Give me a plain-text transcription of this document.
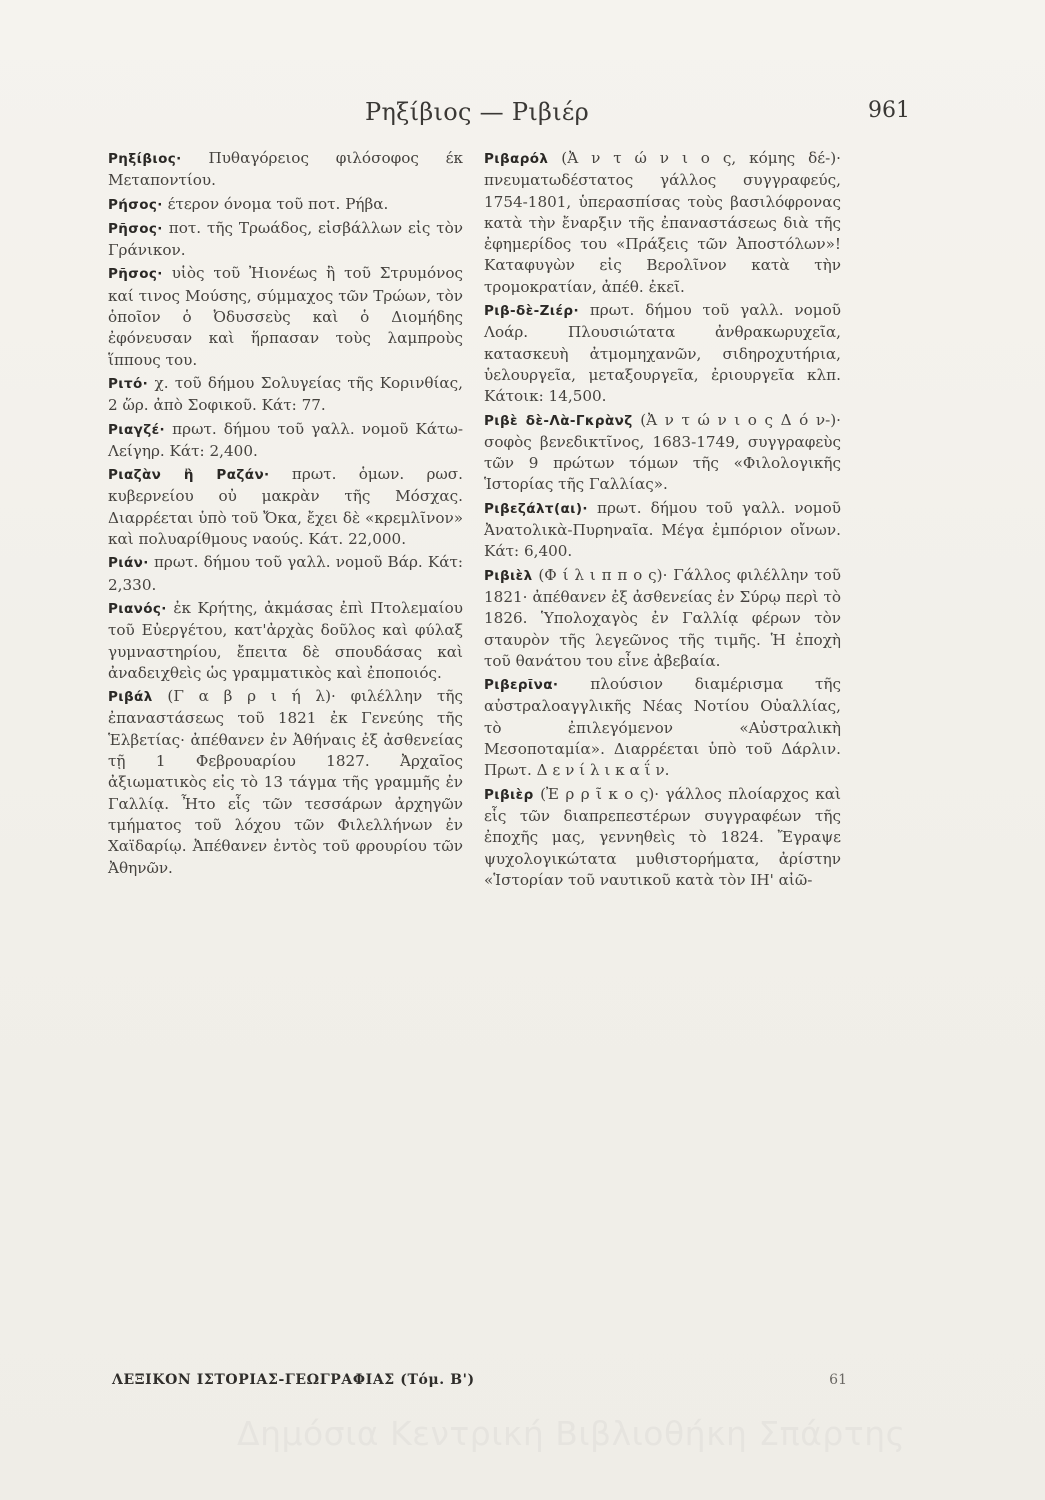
Ρηξίβιος — Ριβιέρ	961

Ρηξίβιος· Πυθαγόρειος φιλόσοφος έκ Μεταποντίου.

Ρήσος· έτερον όνομα τοῦ ποτ. Ρήβα.

Ρῆσος· ποτ. τῆς Τρωάδος, εἰσβάλλων εἰς τὸν Γράνικον.

Ρῆσος· υἱὸς τοῦ Ἠιονέως ἢ τοῦ Στρυμόνος καί τινος Μούσης, σύμμαχος τῶν Τρώων, τὸν ὁποῖον ὁ Ὀδυσσεὺς καὶ ὁ Διομήδης ἐφόνευσαν καὶ ἥρπασαν τοὺς λαμπροὺς ἵππους του.

Ριτό· χ. τοῦ δήμου Σολυγείας τῆς Κορινθίας, 2 ὥρ. ἀπὸ Σοφικοῦ. Κάτ: 77.

Ριαγζέ· πρωτ. δήμου τοῦ γαλλ. νομοῦ Κάτω-Λείγηρ. Κάτ: 2,400.

Ριαζὰν ἢ Ραζάν· πρωτ. ὁμων. ρωσ. κυβερνείου οὐ μακρὰν τῆς Μόσχας. Διαρρέεται ὑπὸ τοῦ Ὄκα, ἔχει δὲ «κρεμλῖνον» καὶ πολυαρίθμους ναούς. Κάτ. 22,000.

Ριάν· πρωτ. δήμου τοῦ γαλλ. νομοῦ Βάρ. Κάτ: 2,330.

Ριανός· ἐκ Κρήτης, ἀκμάσας ἐπὶ Πτολεμαίου τοῦ Εὐεργέτου, κατ'ἀρχὰς δοῦλος καὶ φύλαξ γυμναστηρίου, ἔπειτα δὲ σπουδάσας καὶ ἀναδειχθεὶς ὡς γραμματικὸς καὶ ἐποποιός.

Ριβάλ (Γ α β ρ ι ή λ)· φιλέλλην τῆς ἐπαναστάσεως τοῦ 1821 ἐκ Γενεύης τῆς Ἑλβετίας· ἀπέθανεν ἐν Ἀθήναις ἐξ ἀσθενείας τῇ 1 Φεβρουαρίου 1827. Ἀρχαῖος ἀξιωματικὸς εἰς τὸ 13 τάγμα τῆς γραμμῆς ἐν Γαλλίᾳ. Ἦτο εἷς τῶν τεσσάρων ἀρχηγῶν τμήματος τοῦ λόχου τῶν Φιλελλήνων ἐν Χαϊδαρίῳ. Ἀπέθανεν ἐντὸς τοῦ φρουρίου τῶν Ἀθηνῶν.

Ριβαρόλ (Ἀ ν τ ώ ν ι ο ς, κόμης δέ-)· πνευματωδέστατος γάλλος συγγραφεύς, 1754-1801, ὑπερασπίσας τοὺς βασιλόφρονας κατὰ τὴν ἔναρξιν τῆς ἐπαναστάσεως διὰ τῆς ἐφημερίδος του «Πράξεις τῶν Ἀποστόλων»! Καταφυγὼν εἰς Βερολῖνον κατὰ τὴν τρομοκρατίαν, ἀπέθ. ἐκεῖ.

Ριβ-δὲ-Ζιέρ· πρωτ. δήμου τοῦ γαλλ. νομοῦ Λοάρ. Πλουσιώτατα ἀνθρακωρυχεῖα, κατασκευὴ ἀτμομηχανῶν, σιδηροχυτήρια, ὑελουργεῖα, μεταξουργεῖα, ἐριουργεῖα κλπ. Κάτοικ: 14,500.

Ριβὲ δὲ-Λὰ-Γκρὰνζ (Ἀ ν τ ώ ν ι ο ς Δ ό ν-)· σοφὸς βενεδικτῖνος, 1683-1749, συγγραφεὺς τῶν 9 πρώτων τόμων τῆς «Φιλολογικῆς Ἱστορίας τῆς Γαλλίας».

Ριβεζάλτ(αι)· πρωτ. δήμου τοῦ γαλλ. νομοῦ Ἀνατολικὰ-Πυρηναῖα. Μέγα ἐμπόριον οἴνων. Κάτ: 6,400.

Ριβιὲλ (Φ ί λ ι π π ο ς)· Γάλλος φιλέλλην τοῦ 1821· ἀπέθανεν ἐξ ἀσθενείας ἐν Σύρῳ περὶ τὸ 1826. Ὑπολοχαγὸς ἐν Γαλλίᾳ φέρων τὸν σταυρὸν τῆς λεγεῶνος τῆς τιμῆς. Ἡ ἐποχὴ τοῦ θανάτου του εἶνε ἀβεβαία.

Ριβερῖνα· πλούσιον διαμέρισμα τῆς αὐστραλοαγγλικῆς Νέας Νοτίου Οὐαλλίας, τὸ ἐπιλεγόμενον «Αὐστραλικὴ Μεσοποταμία». Διαρρέεται ὑπὸ τοῦ Δάρλιν. Πρωτ. Δ ε ν ί λ ι κ α ΐ ν.

Ριβιὲρ (Ἐ ρ ρ ῖ κ ο ς)· γάλλος πλοίαρχος καὶ εἷς τῶν διαπρεπεστέρων συγγραφέων τῆς ἐποχῆς μας, γεννηθεὶς τὸ 1824. Ἔγραψε ψυχολογικώτατα μυθιστορήματα, ἀρίστην «Ἱστορίαν τοῦ ναυτικοῦ κατὰ τὸν ΙΗ' αἰῶ-

ΛΕΞΙΚΟΝ ΙΣΤΟΡΙΑΣ-ΓΕΩΓΡΑΦΙΑΣ (Τόμ. Β')	61
Δημόσια Κεντρική Βιβλιοθήκη Σπάρτης
